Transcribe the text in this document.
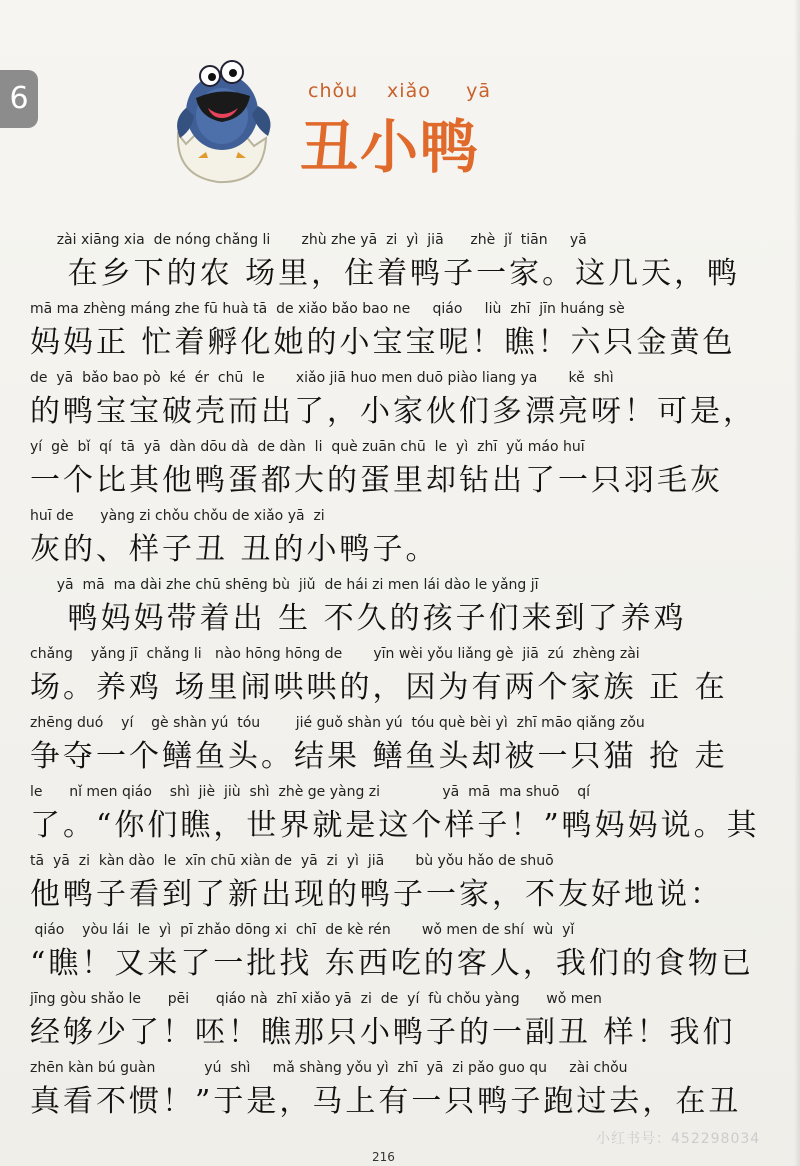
6	chǒu xiǎo yā
丑小鸭
zài xiāng xia  de nóng chǎng li       zhù zhe yā  zi  yì  jiā      zhè  jǐ  tiān     yā
在乡下的农 场里，住着鸭子一家。这几天，鸭
mā ma zhèng máng zhe fū huà tā  de xiǎo bǎo bao ne     qiáo     liù  zhī  jīn huáng sè
妈妈正 忙着孵化她的小宝宝呢！瞧！六只金黄色
de  yā  bǎo bao pò  ké  ér  chū  le       xiǎo jiā huo men duō piào liang ya       kě  shì
的鸭宝宝破壳而出了，小家伙们多漂亮呀！可是，
yí  gè  bǐ  qí  tā  yā  dàn dōu dà  de dàn  li  què zuān chū  le  yì  zhī  yǔ máo huī
一个比其他鸭蛋都大的蛋里却钻出了一只羽毛灰
huī de      yàng zi chǒu chǒu de xiǎo yā  zi
灰的、样子丑 丑的小鸭子。
yā  mā  ma dài zhe chū shēng bù  jiǔ  de hái zi men lái dào le yǎng jī
鸭妈妈带着出 生 不久的孩子们来到了养鸡
chǎng    yǎng jī  chǎng li   nào hōng hōng de       yīn wèi yǒu liǎng gè  jiā  zú  zhèng zài
场。养鸡 场里闹哄哄的，因为有两个家族 正 在
zhēng duó    yí    gè shàn yú  tóu        jié guǒ shàn yú  tóu què bèi yì  zhī māo qiǎng zǒu
争夺一个鳝鱼头。结果 鳝鱼头却被一只猫 抢 走
le      nǐ men qiáo    shì  jiè  jiù  shì  zhè ge yàng zi              yā  mā  ma shuō    qí
了。“你们瞧，世界就是这个样子！”鸭妈妈说。其
tā  yā  zi  kàn dào  le  xīn chū xiàn de  yā  zi  yì  jiā       bù yǒu hǎo de shuō
他鸭子看到了新出现的鸭子一家，不友好地说：
qiáo    yòu lái  le  yì  pī zhǎo dōng xi  chī  de kè rén       wǒ men de shí  wù  yǐ
“瞧！又来了一批找 东西吃的客人，我们的食物已
jīng gòu shǎo le      pēi      qiáo nà  zhī xiǎo yā  zi  de  yí  fù chǒu yàng      wǒ men
经够少了！呸！瞧那只小鸭子的一副丑 样！我们
zhēn kàn bú guàn           yú  shì     mǎ shàng yǒu yì  zhī  yā  zi pǎo guo qu     zài chǒu
真看不惯！”于是，马上有一只鸭子跑过去，在丑
小红书号：452298034
216
